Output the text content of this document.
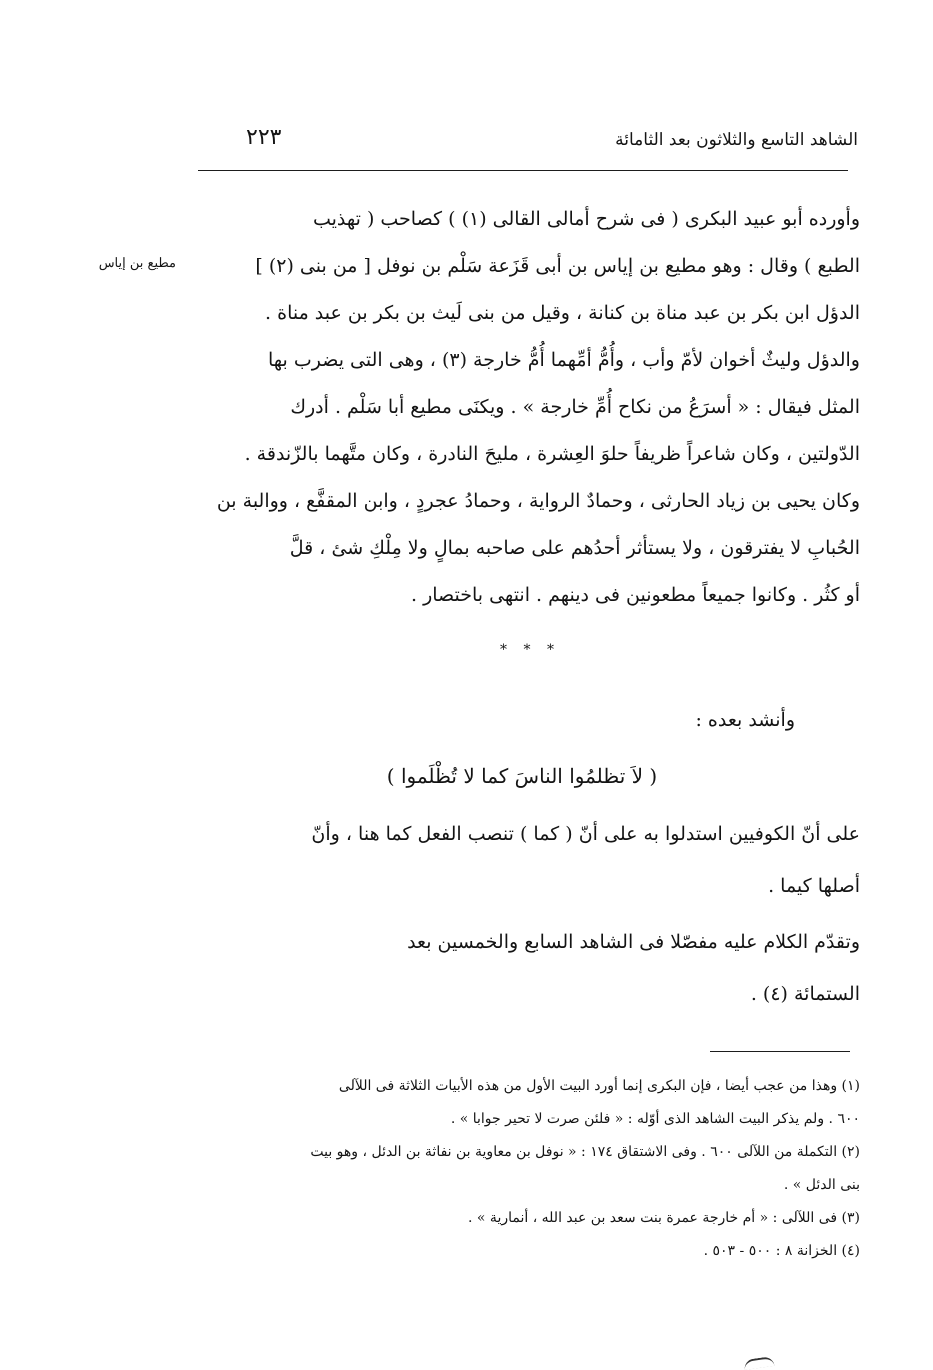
الشاهد التاسع والثلاثون بعد الثامائة
٢٢٣
مطيع بن إياس
وأورده أبو عبيد البكرى ( فى شرح أمالى القالى (١) ) كصاحب ( تهذيب
الطبع ) وقال : وهو مطيع بن إياس بن أبى قَزَعة سَلْم بن نوفل [ من بنى (٢) ]
الدؤل ابن بكر بن عبد مناة بن كنانة ، وقيل من بنى لَيث بن بكر بن عبد مناة .
والدؤل وليثٌ أخوان لأمّ وأب ، وأُمُّ أمِّهما أُمُّ خارجة (٣) ، وهى التى يضرب بها
المثل فيقال : « أسرَعُ من نكاح أُمِّ خارجة » . ويكنَى مطيع أبا سَلْم . أدرك
الدّولتين ، وكان شاعراً ظريفاً حلوَ العِشرة ، مليحَ النادرة ، وكان متَّهما بالزّندقة .
وكان يحيى بن زياد الحارثى ، وحمادٌ الرواية ، وحمادُ عجردٍ ، وابن المقفَّع ، ووالبة بن
الحُبابِ لا يفترقون ، ولا يستأثر أحدُهم على صاحبه بمالٍ ولا مِلْكِ شئ ، قلَّ
أو كثُر . وكانوا جميعاً مطعونين فى دينهم . انتهى باختصار .
* * *
وأنشد بعده :
( لاَ تظلمُوا الناسَ كما لا تُظْلَموا )
على أنّ الكوفيين استدلوا به على أنّ ( كما ) تنصب الفعل كما هنا ، وأنّ
أصلها كيما .
وتقدّم الكلام عليه مفصّلا فى الشاهد السابع والخمسين بعد
الستمائة (٤) .
(١) وهذا من عجب أيضا ، فإن البكرى إنما أورد البيت الأول من هذه الأبيات الثلاثة فى اللآلى
٦٠٠ . ولم يذكر البيت الشاهد الذى أوّله : « فلئن صرت لا تحير جوابا » .
(٢) التكملة من اللآلى ٦٠٠ . وفى الاشتقاق ١٧٤ : « نوفل بن معاوية بن نفاثة بن الدئل ، وهو بيت
بنى الدئل » .
(٣) فى اللآلى : « أم خارجة عمرة بنت سعد بن عبد الله ، أنمارية » .
(٤) الخزانة ٨ : ٥٠٠ - ٥٠٣ .
